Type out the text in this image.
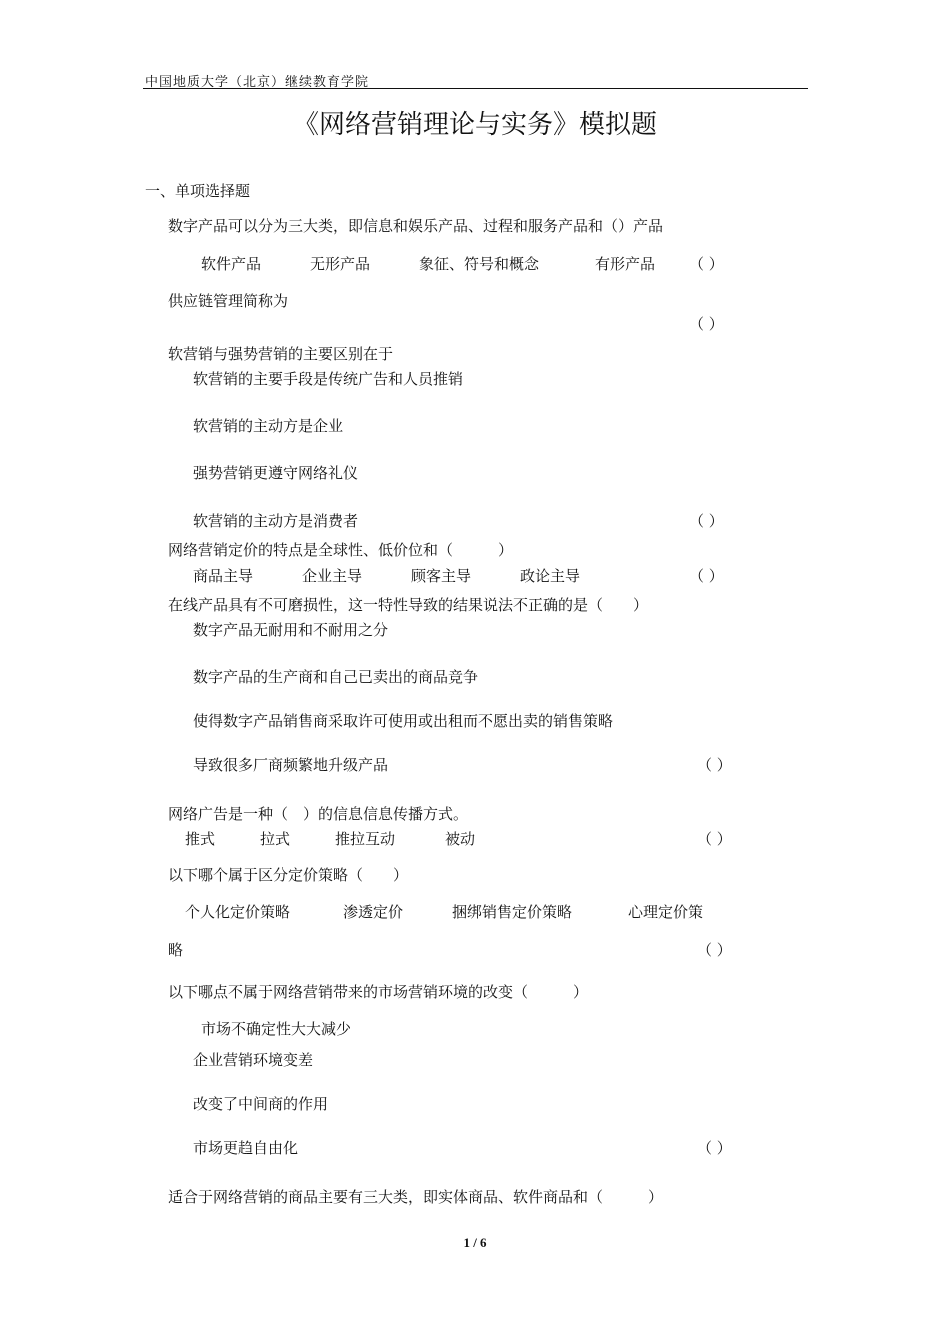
中国地质大学（北京）继续教育学院
《网络营销理论与实务》模拟题
一、单项选择题
数字产品可以分为三大类，即信息和娱乐产品、过程和服务产品和（）产品
软件产品	无形产品	象征、符号和概念	有形产品 （ ）
供应链管理简称为
（ ）
软营销与强势营销的主要区别在于
软营销的主要手段是传统广告和人员推销
软营销的主动方是企业
强势营销更遵守网络礼仪
软营销的主动方是消费者	（ ）
网络营销定价的特点是全球性、低价位和（　　　）
商品主导	企业主导	顾客主导	政论主导	（ ）
在线产品具有不可磨损性，这一特性导致的结果说法不正确的是（　　）
数字产品无耐用和不耐用之分
数字产品的生产商和自己已卖出的商品竞争
使得数字产品销售商采取许可使用或出租而不愿出卖的销售策略
导致很多厂商频繁地升级产品	（ ）
网络广告是一种（　）的信息信息传播方式。
推式	拉式	推拉互动	被动	（ ）
以下哪个属于区分定价策略（　　）
个人化定价策略	渗透定价	捆绑销售定价策略	心理定价策
略	（ ）
以下哪点不属于网络营销带来的市场营销环境的改变（　　　）
市场不确定性大大减少
企业营销环境变差
改变了中间商的作用
市场更趋自由化	（ ）
适合于网络营销的商品主要有三大类，即实体商品、软件商品和（　　　）
1 / 6
